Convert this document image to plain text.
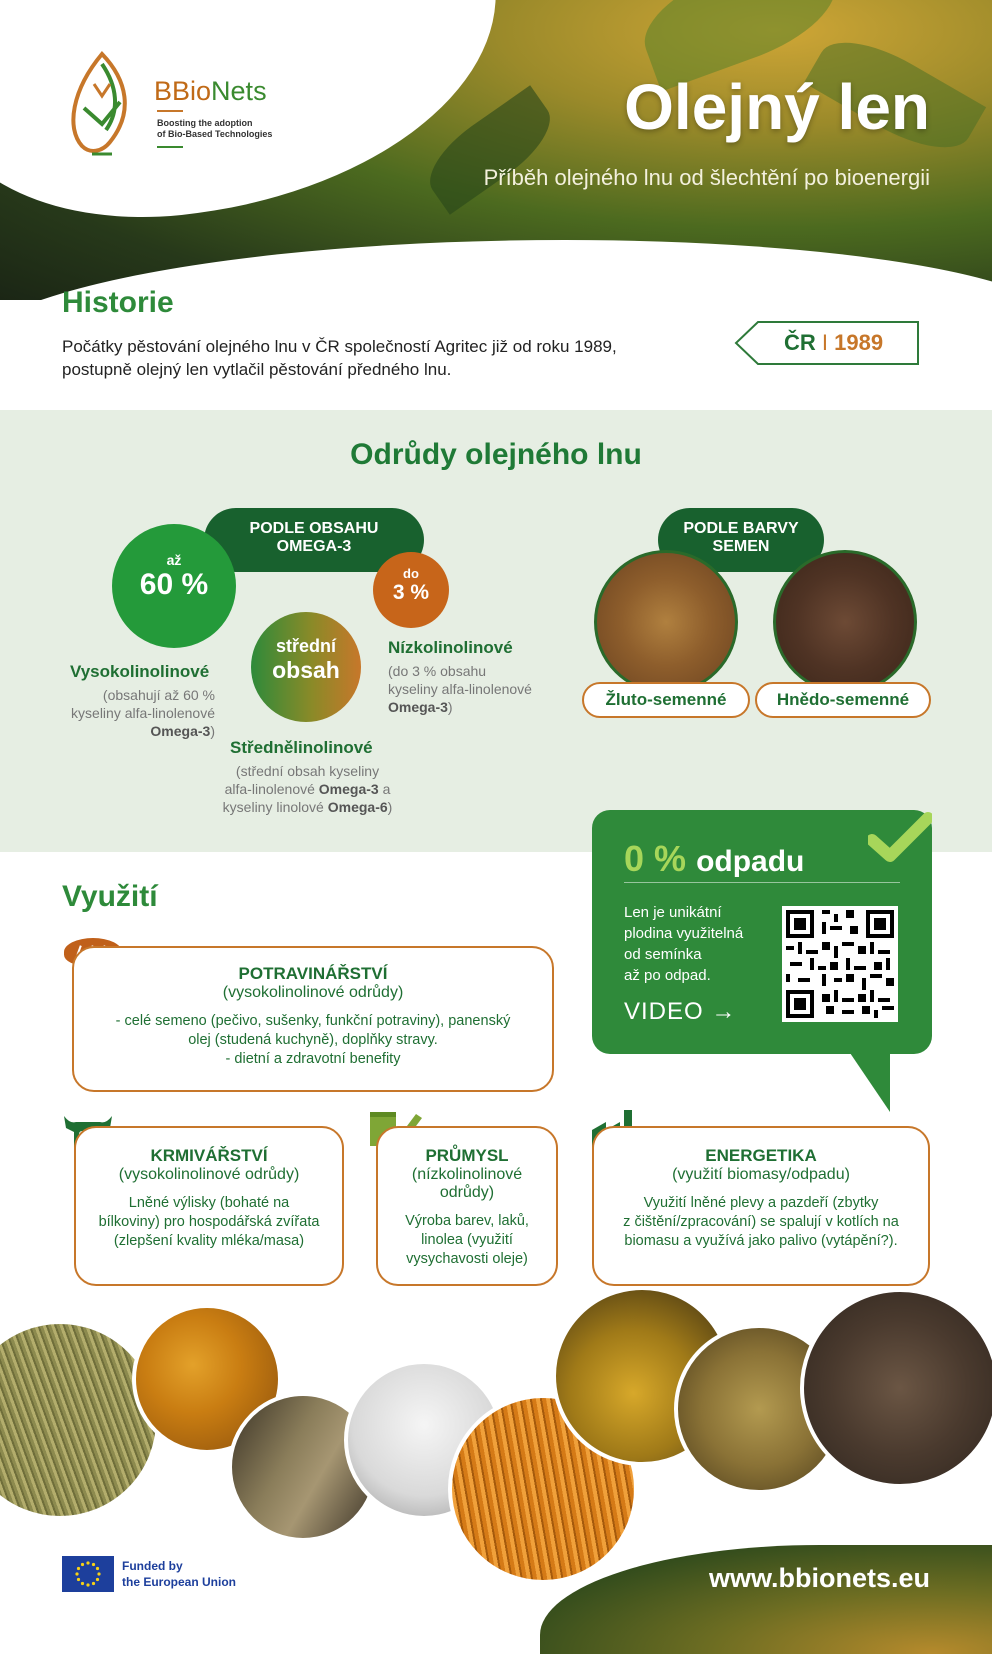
BBioNets
Boosting the adoption
of Bio-Based Technologies	Olejný len
Příběh olejného lnu od šlechtění po bioenergii
Historie
Počátky pěstování olejného lnu v ČR společností Agritec již od roku 1989,
postupně olejný len vytlačil pěstování předného lnu.
ČR I 1989
Odrůdy olejného lnu
PODLE OBSAHU
OMEGA-3
až
60 %
střední
obsah
do
3 %
Vysokolinolinové
(obsahují až 60 %
kyseliny alfa-linolenové
Omega-3)
Nízkolinolinové
(do 3 % obsahu
kyseliny alfa-linolenové
Omega-3)
Střednělinolinové
(střední obsah kyseliny
alfa-linolenové Omega-3 a
kyseliny linolové Omega-6)
PODLE BARVY
SEMEN
Žluto-semenné	Hnědo-semenné
Využití
POTRAVINÁŘSTVÍ
(vysokolinolinové odrůdy)
- celé semeno (pečivo, sušenky, funkční potraviny), panenský
olej (studená kuchyně), doplňky stravy.
- dietní a zdravotní benefity
KRMIVÁŘSTVÍ
(vysokolinolinové odrůdy)
Lněné výlisky (bohaté na
bílkoviny) pro hospodářská zvířata
(zlepšení kvality mléka/masa)
PRŮMYSL
(nízkolinolinové
odrůdy)
Výroba barev, laků,
linolea (využití
vysychavosti oleje)
ENERGETIKA
(využití biomasy/odpadu)
Využití lněné plevy a pazdeří (zbytky
z čištění/zpracování) se spalují v kotlích na
biomasu a využívá jako palivo (vytápění?).
0 % odpadu
Len je unikátní
plodina využitelná
od semínka
až po odpad.
VIDEO →
Funded by
the European Union	www.bbionets.eu
